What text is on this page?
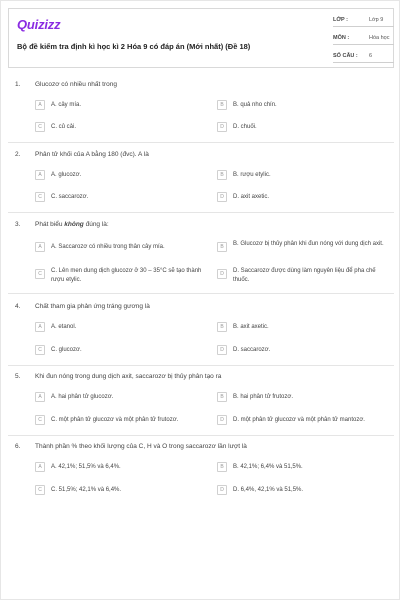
Quizizz
Bộ đề kiểm tra định kì học kì 2 Hóa 9 có đáp án (Mới nhất) (Đề 18)
LỚP :	Lớp 9
MÔN :	Hóa học
SỐ CÂU : 6
1. Glucozơ có nhiều nhất trong
A	A. cây mía.	B	B. quả nho chín.
C	C. củ cải.	D	D. chuối.
2. Phân tử khối của A bằng 180 (đvc). A là
A	A. glucozơ.	B	B. rượu etylic.
C	C. saccarozơ.	D	D. axit axetic.
3. Phát biểu không đúng là:
A	A. Saccarozơ có nhiều trong thân cây mía.	B	B. Glucozơ bị thủy phân khi đun nóng với dung dịch axit.
C	C. Lên men dung dịch glucozơ ở 30 – 35°C sẽ tạo thành rượu etylic.
D	D. Saccarozơ được dùng làm nguyên liệu để pha chế thuốc.
4. Chất tham gia phản ứng tráng gương là
A	A. etanol.	B	B. axit axetic.
C	C. glucozơ.	D	D. saccarozơ.
5. Khi đun nóng trong dung dịch axit, saccarozơ bị thủy phân tạo ra
A	A. hai phân tử glucozơ.	B	B. hai phân tử frutozơ.
C	C. một phân tử glucozơ và một phân tử frutozơ.	D	D. một phân tử glucozơ và một phân tử mantozơ.
6. Thành phần % theo khối lượng của C, H và O trong saccarozơ lần lượt là
A	A. 42,1%; 51,5% và 6,4%.	B	B. 42,1%; 6,4% và 51,5%.
C	C. 51,5%; 42,1% và 6,4%.	D	D. 6,4%, 42,1% và 51,5%.
